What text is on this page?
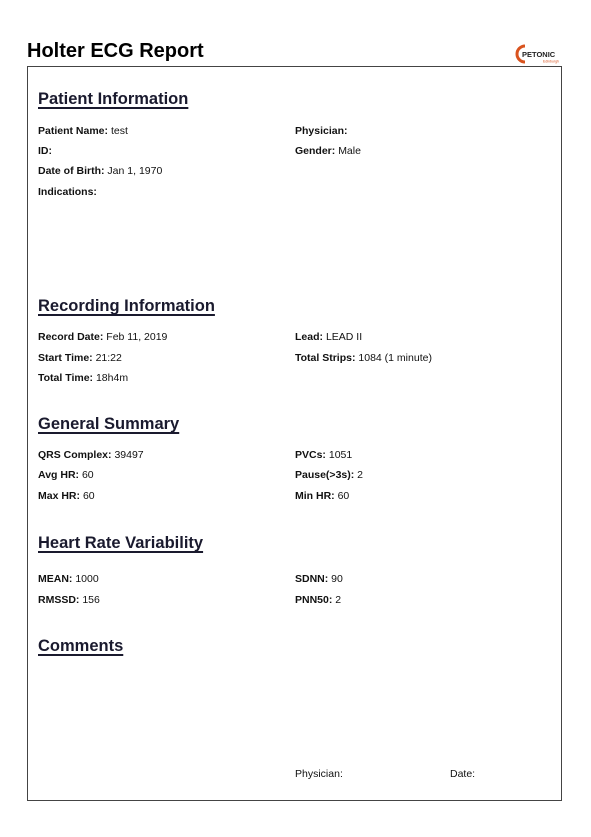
Holter ECG Report	PETONIC
Edinburgh
Patient Information
Patient Name: test	Physician:
ID:	Gender: Male
Date of Birth: Jan 1, 1970
Indications:
Recording Information
Record Date: Feb 11, 2019	Lead: LEAD II
Start Time: 21:22	Total Strips: 1084 (1 minute)
Total Time: 18h4m
General Summary
QRS Complex: 39497	PVCs: 1051
Avg HR: 60	Pause(>3s): 2
Max HR: 60	Min HR: 60
Heart Rate Variability
MEAN: 1000	SDNN: 90
RMSSD: 156	PNN50: 2
Comments
Physician:	Date:
